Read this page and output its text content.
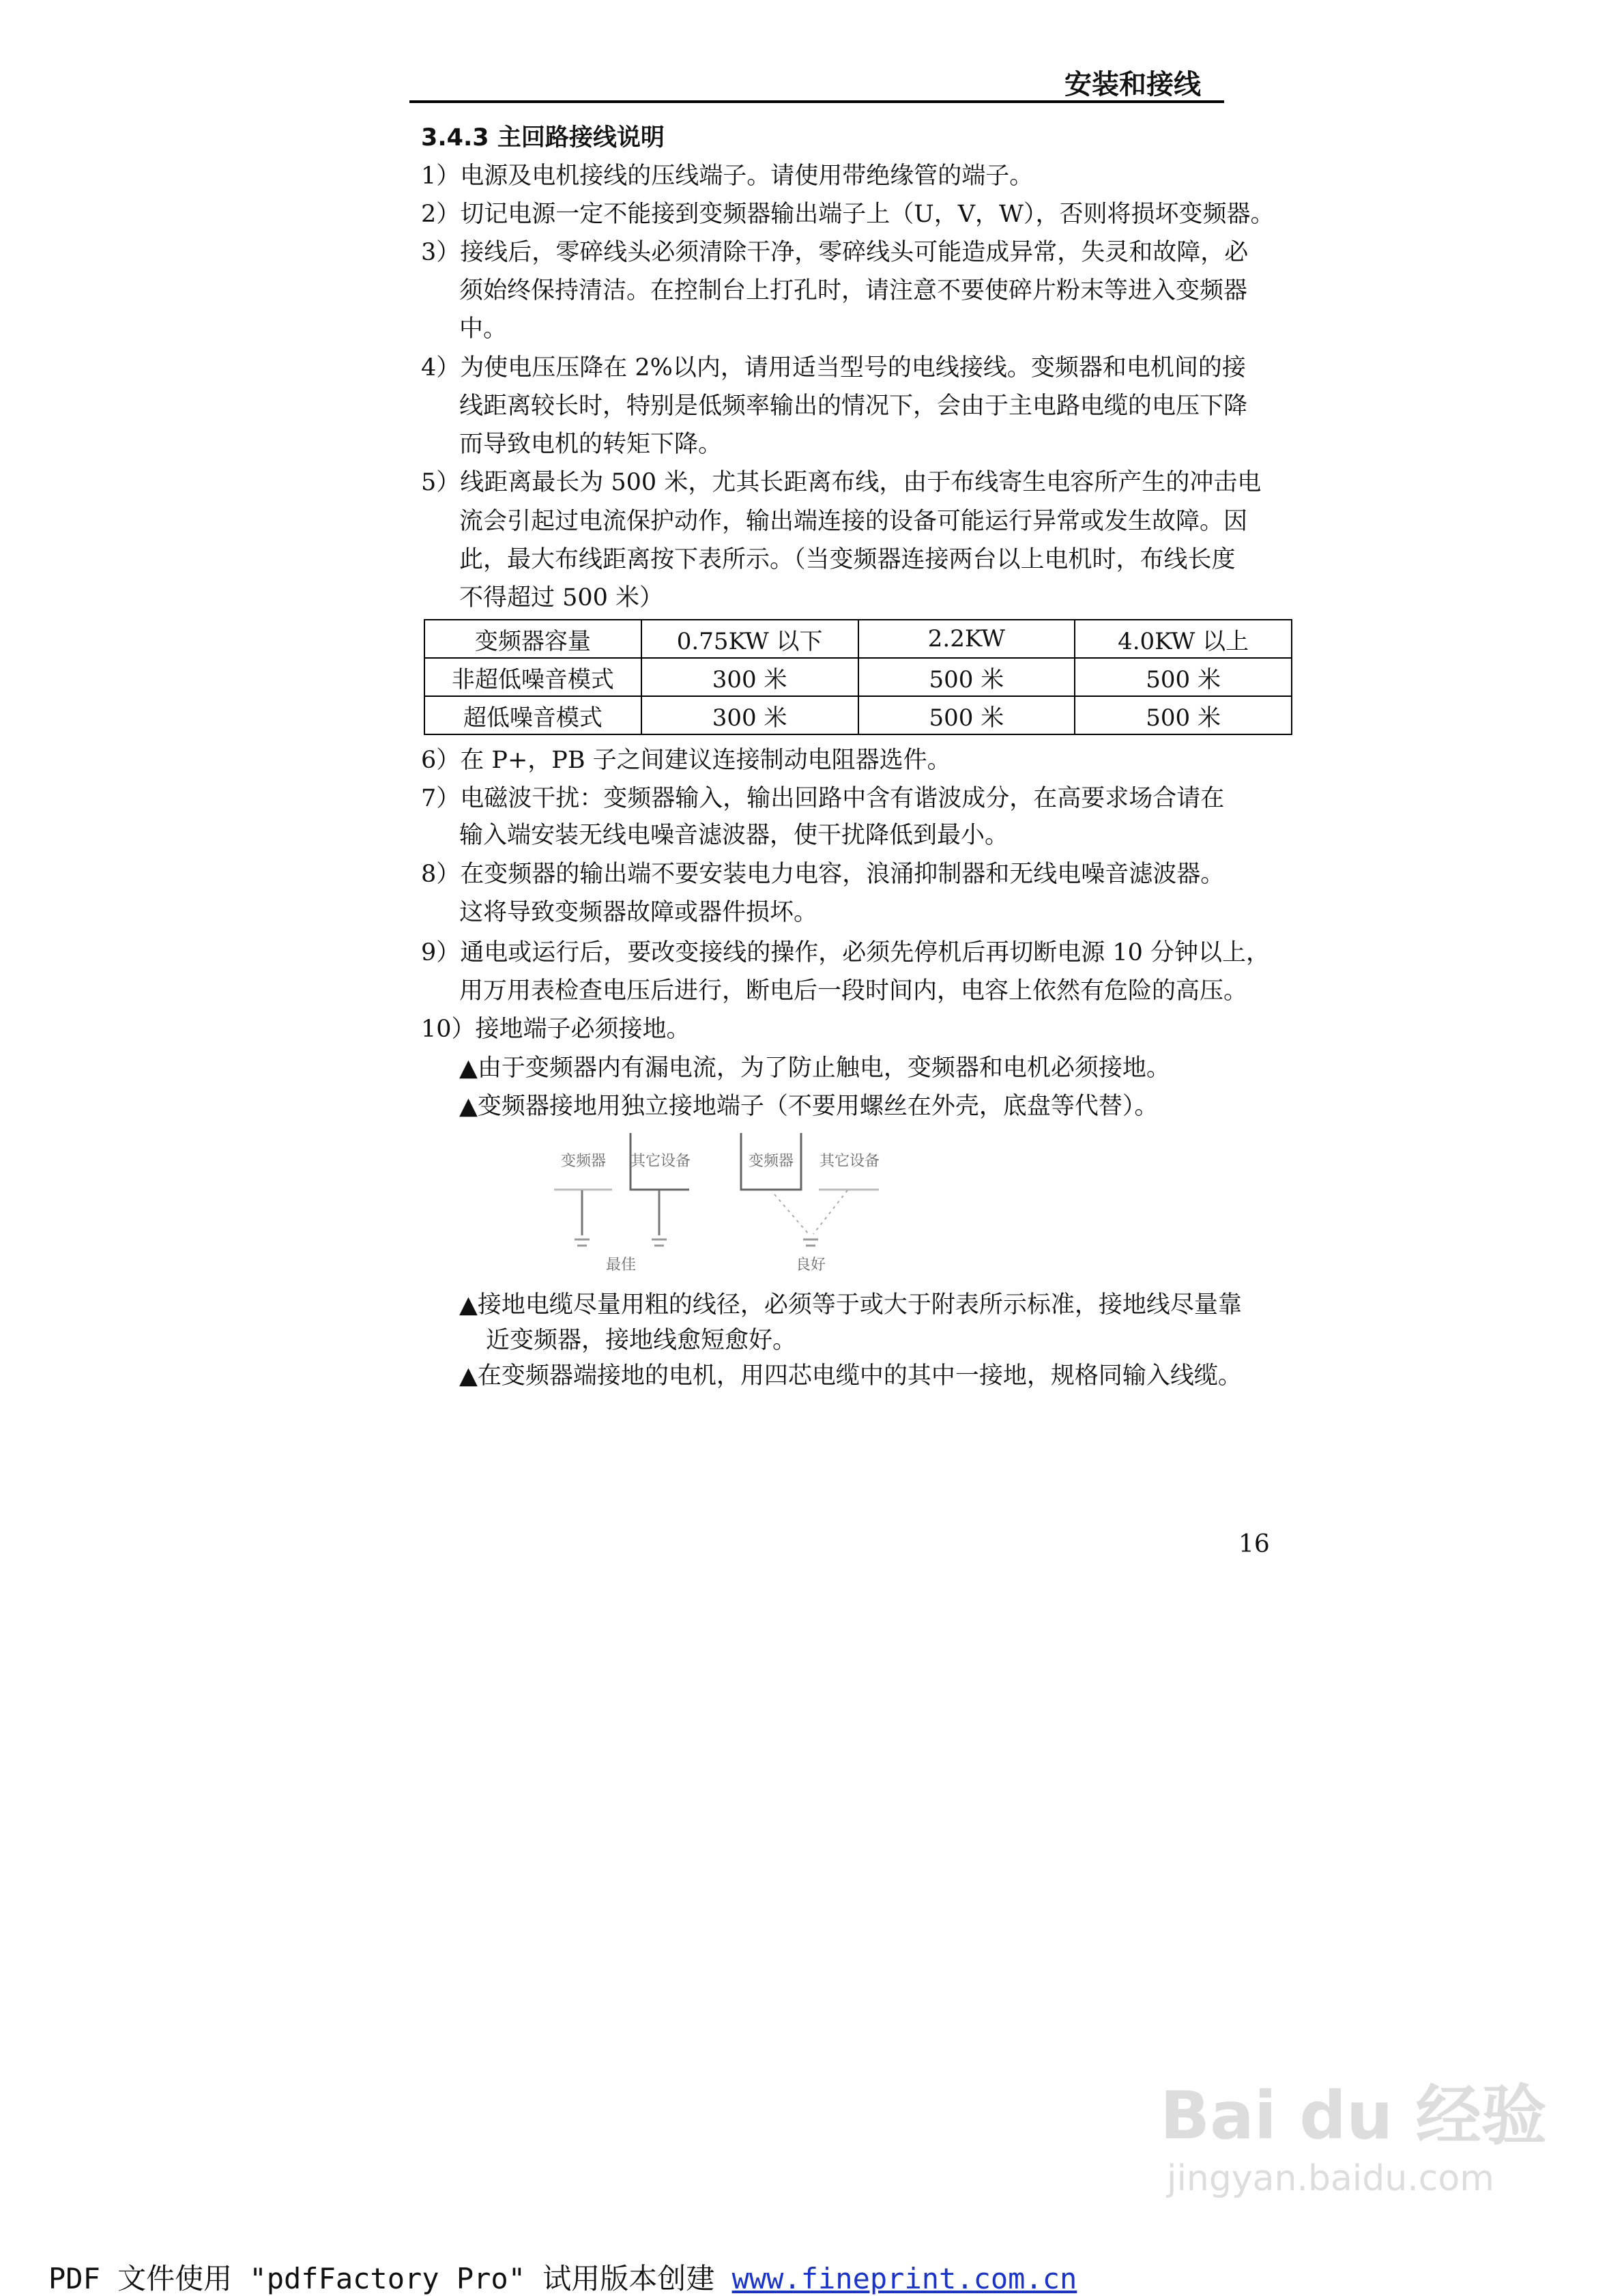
安装和接线
3.4.3 主回路接线说明
1）电源及电机接线的压线端子。请使用带绝缘管的端子。
2）切记电源一定不能接到变频器输出端子上（U，V，W），否则将损坏变频器。
3）接线后，零碎线头必须清除干净，零碎线头可能造成异常，失灵和故障，必
须始终保持清洁。在控制台上打孔时，请注意不要使碎片粉末等进入变频器
中。
4）为使电压压降在 2%以内，请用适当型号的电线接线。变频器和电机间的接
线距离较长时，特别是低频率输出的情况下，会由于主电路电缆的电压下降
而导致电机的转矩下降。
5）线距离最长为 500 米，尤其长距离布线，由于布线寄生电容所产生的冲击电
流会引起过电流保护动作，输出端连接的设备可能运行异常或发生故障。因
此，最大布线距离按下表所示。（当变频器连接两台以上电机时，布线长度
不得超过 500 米）
变频器容量	0.75KW 以下	2.2KW	4.0KW 以上
非超低噪音模式	300 米	500 米	500 米
超低噪音模式	300 米	500 米	500 米
6）在 P+，PB 子之间建议连接制动电阻器选件。
7）电磁波干扰：变频器输入，输出回路中含有谐波成分，在高要求场合请在
输入端安装无线电噪音滤波器，使干扰降低到最小。
8）在变频器的输出端不要安装电力电容，浪涌抑制器和无线电噪音滤波器。
这将导致变频器故障或器件损坏。
9）通电或运行后，要改变接线的操作，必须先停机后再切断电源 10 分钟以上，
用万用表检查电压后进行，断电后一段时间内，电容上依然有危险的高压。
10）接地端子必须接地。
▲由于变频器内有漏电流，为了防止触电，变频器和电机必须接地。
▲变频器接地用独立接地端子（不要用螺丝在外壳，底盘等代替）。
变频器 其它设备	变频器 其它设备
最佳	良好
▲接地电缆尽量用粗的线径，必须等于或大于附表所示标准，接地线尽量靠
近变频器，接地线愈短愈好。
▲在变频器端接地的电机，用四芯电缆中的其中一接地，规格同输入线缆。
16
Bai du 经验
jingyan.baidu.com
PDF 文件使用 "pdfFactory Pro" 试用版本创建 www.fineprint.com.cn
